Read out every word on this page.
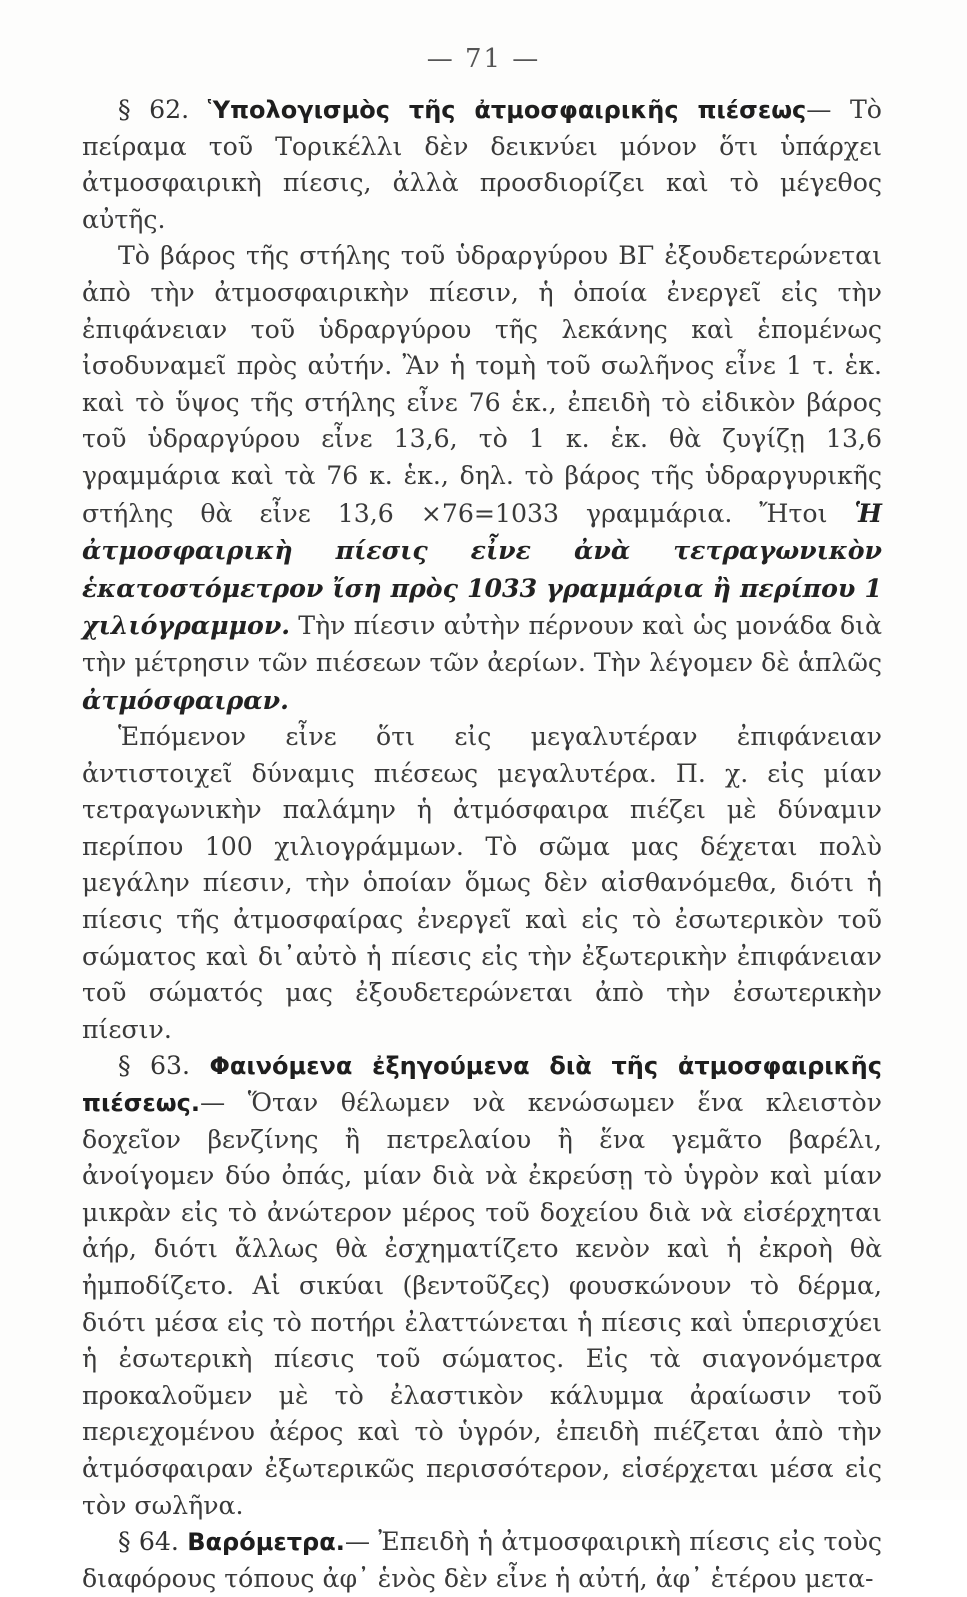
— 71 —

§ 62. Ὑπολογισμὸς τῆς ἀτμοσφαιρικῆς πιέσεως— Τὸ πείραμα τοῦ Τορικέλλι δὲν δεικνύει μόνον ὅτι ὑπάρχει ἀτμοσφαιρικὴ πίεσις, ἀλλὰ προσδιορίζει καὶ τὸ μέγεθος αὐτῆς.

Τὸ βάρος τῆς στήλης τοῦ ὑδραργύρου ΒΓ ἐξουδετερώνεται ἀπὸ τὴν ἀτμοσφαιρικὴν πίεσιν, ἡ ὁποία ἐνεργεῖ εἰς τὴν ἐπιφάνειαν τοῦ ὑδραργύρου τῆς λεκάνης καὶ ἑπομένως ἰσοδυναμεῖ πρὸς αὐτήν. Ἂν ἡ τομὴ τοῦ σωλῆνος εἶνε 1 τ. ἑκ. καὶ τὸ ὕψος τῆς στήλης εἶνε 76 ἑκ., ἐπειδὴ τὸ εἰδικὸν βάρος τοῦ ὑδραργύρου εἶνε 13,6, τὸ 1 κ. ἑκ. θὰ ζυγίζῃ 13,6 γραμμάρια καὶ τὰ 76 κ. ἑκ., δηλ. τὸ βάρος τῆς ὑδραργυρικῆς στήλης θὰ εἶνε 13,6 ×76=1033 γραμμάρια. Ἤτοι Ἡ ἀτμοσφαιρικὴ πίεσις εἶνε ἀνὰ τετραγωνικὸν ἑκατοστόμετρον ἴση πρὸς 1033 γραμμάρια ἢ περίπου 1 χιλιόγραμμον. Τὴν πίεσιν αὐτὴν πέρνουν καὶ ὡς μονάδα διὰ τὴν μέτρησιν τῶν πιέσεων τῶν ἀερίων. Τὴν λέγομεν δὲ ἁπλῶς ἀτμόσφαιραν.

Ἑπόμενον εἶνε ὅτι εἰς μεγαλυτέραν ἐπιφάνειαν ἀντιστοιχεῖ δύναμις πιέσεως μεγαλυτέρα. Π. χ. εἰς μίαν τετραγωνικὴν παλάμην ἡ ἀτμόσφαιρα πιέζει μὲ δύναμιν περίπου 100 χιλιογράμμων. Τὸ σῶμα μας δέχεται πολὺ μεγάλην πίεσιν, τὴν ὁποίαν ὅμως δὲν αἰσθανόμεθα, διότι ἡ πίεσις τῆς ἀτμοσφαίρας ἐνεργεῖ καὶ εἰς τὸ ἐσωτερικὸν τοῦ σώματος καὶ δι᾽αὐτὸ ἡ πίεσις εἰς τὴν ἐξωτερικὴν ἐπιφάνειαν τοῦ σώματός μας ἐξουδετερώνεται ἀπὸ τὴν ἐσωτερικὴν πίεσιν.

§ 63. Φαινόμενα ἐξηγούμενα διὰ τῆς ἀτμοσφαιρικῆς πιέσεως.— Ὅταν θέλωμεν νὰ κενώσωμεν ἕνα κλειστὸν δοχεῖον βενζίνης ἢ πετρελαίου ἢ ἕνα γεμᾶτο βαρέλι, ἀνοίγομεν δύο ὀπάς, μίαν διὰ νὰ ἐκρεύσῃ τὸ ὑγρὸν καὶ μίαν μικρὰν εἰς τὸ ἀνώτερον μέρος τοῦ δοχείου διὰ νὰ εἰσέρχηται ἀήρ, διότι ἄλλως θὰ ἐσχηματίζετο κενὸν καὶ ἡ ἐκροὴ θὰ ἠμποδίζετο. Αἱ σικύαι (βεντοῦζες) φουσκώνουν τὸ δέρμα, διότι μέσα εἰς τὸ ποτήρι ἐλαττώνεται ἡ πίεσις καὶ ὑπερισχύει ἡ ἐσωτερικὴ πίεσις τοῦ σώματος. Εἰς τὰ σιαγονόμετρα προκαλοῦμεν μὲ τὸ ἐλαστικὸν κάλυμμα ἀραίωσιν τοῦ περιεχομένου ἀέρος καὶ τὸ ὑγρόν, ἐπειδὴ πιέζεται ἀπὸ τὴν ἀτμόσφαιραν ἐξωτερικῶς περισσότερον, εἰσέρχεται μέσα εἰς τὸν σωλῆνα.

§ 64. Βαρόμετρα.— Ἐπειδὴ ἡ ἀτμοσφαιρικὴ πίεσις εἰς τοὺς διαφόρους τόπους ἀφ᾽ ἑνὸς δὲν εἶνε ἡ αὐτή, ἀφ᾽ ἑτέρου μετα-
